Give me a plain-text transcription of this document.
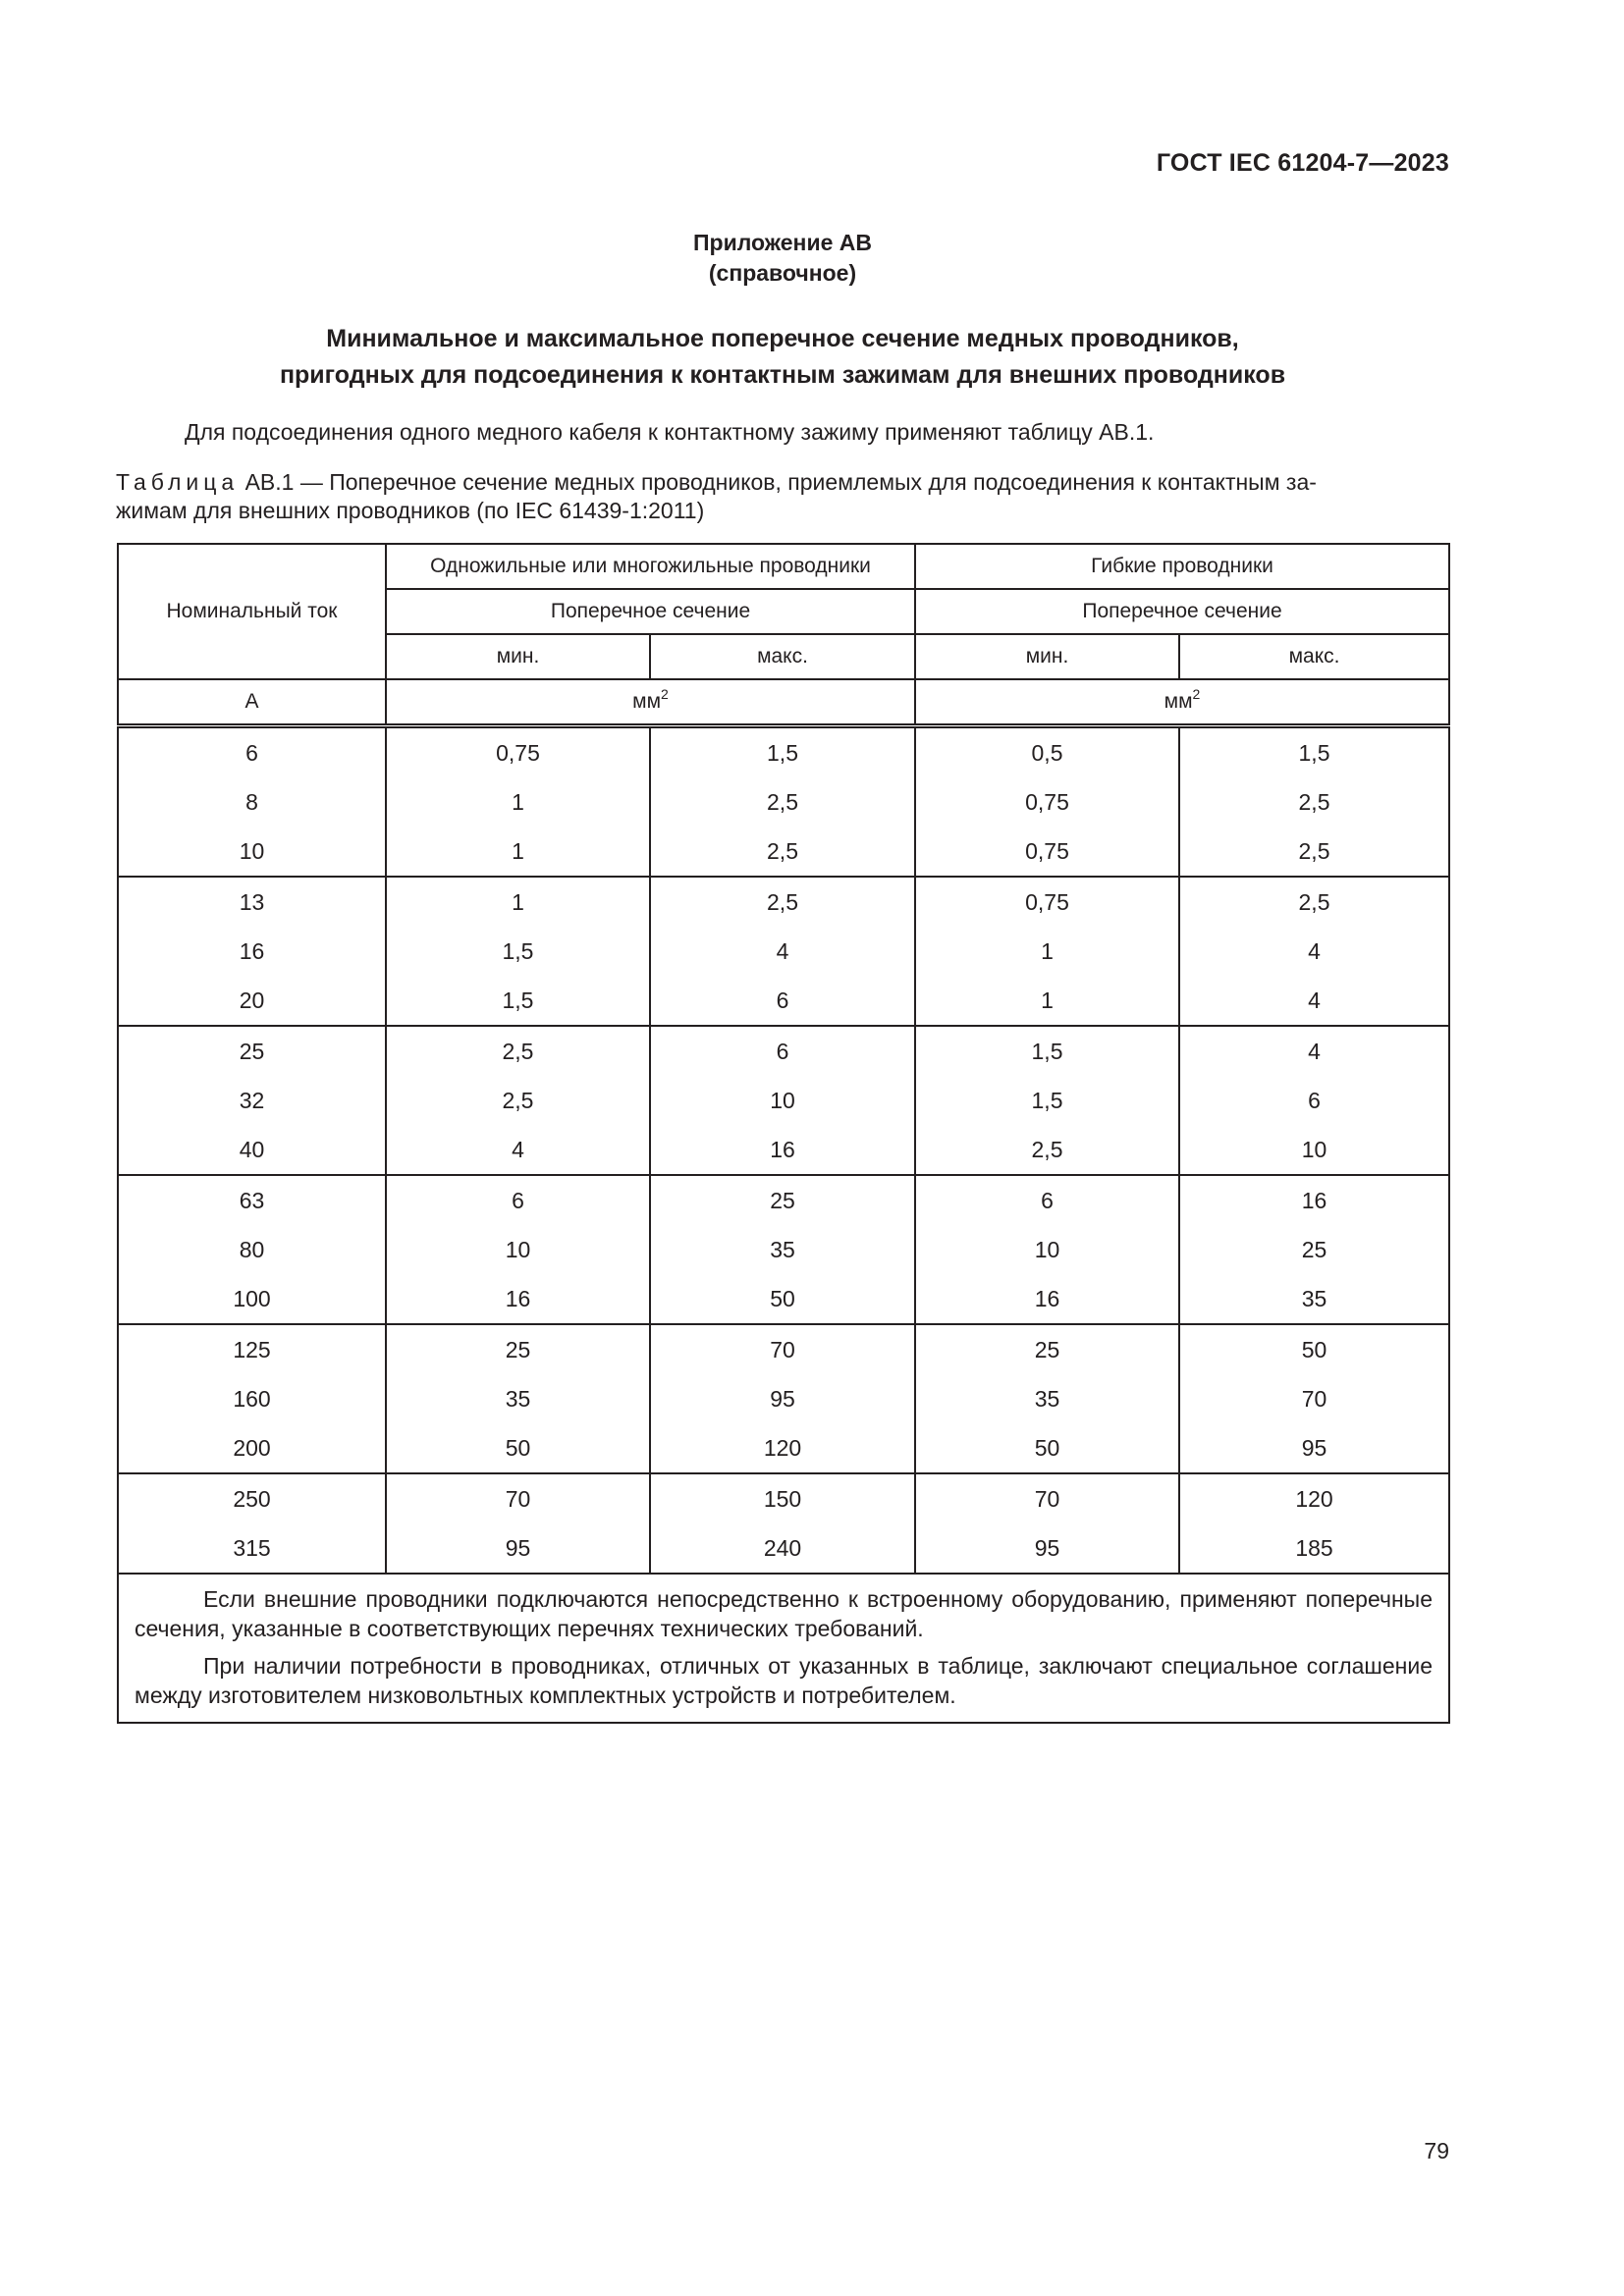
ГОСТ IEC 61204-7—2023
Приложение АВ
(справочное)
Минимальное и максимальное поперечное сечение медных проводников,
пригодных для подсоединения к контактным зажимам для внешних проводников
Для подсоединения одного медного кабеля к контактному зажиму применяют таблицу АВ.1.
Таблица АВ.1 — Поперечное сечение медных проводников, приемлемых для подсоединения к контактным за-
жимам для внешних проводников (по IEC 61439-1:2011)
Номинальный ток	Одножильные или многожильные проводники		Гибкие проводники	
	Поперечное сечение		Поперечное сечение	
	мин.	макс.	мин.	макс.
А	$мм^2$		$мм^2$
6	0,75	1,5	0,5	1,5
8	1	2,5	0,75	2,5
10	1	2,5	0,75	2,5
13	1	2,5	0,75	2,5
16	1,5	4	1	4
20	1,5	6	1	4
25	2,5	6	1,5	4
32	2,5	10	1,5	6
40	4	16	2,5	10
63	6	25	6	16
80	10	35	10	25
100	16	50	16	35
125	25	70	25	50
160	35	95	35	70
200	50	120	50	95
250	70	150	70	120
315	95	240	95	185

Если внешние проводники подключаются непосредственно к встроенному оборудованию, применяют поперечные сечения, указанные в соответствующих перечнях технических требований.

При наличии потребности в проводниках, отличных от указанных в таблице, заключают специальное соглашение между изготовителем низковольтных комплектных устройств и потребителем.				

79
